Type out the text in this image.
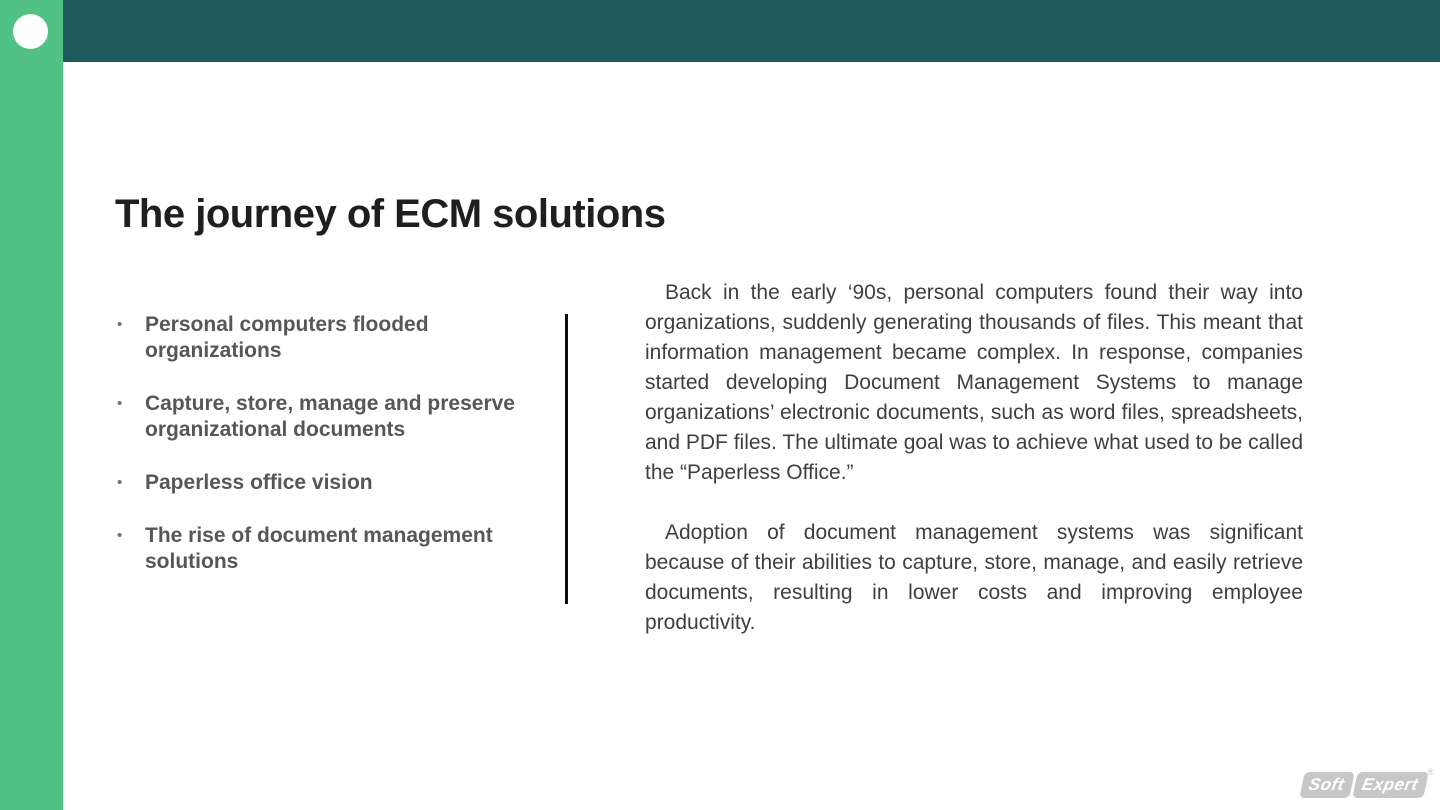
The journey of ECM solutions
•	Personal computers flooded organizations
•	Capture, store, manage and preserve organizational documents
•	Paperless office vision
•	The rise of document management solutions

Back in the early ‘90s, personal computers found their way into organizations, suddenly generating thousands of files. This meant that information management became complex. In response, companies started developing Document Management Systems to manage organizations’ electronic documents, such as word files, spreadsheets, and PDF files. The ultimate goal was to achieve what used to be called the “Paperless Office.”

Adoption of document management systems was significant because of their abilities to capture, store, manage, and easily retrieve documents, resulting in lower costs and improving employee productivity.

Soft Expert
®
